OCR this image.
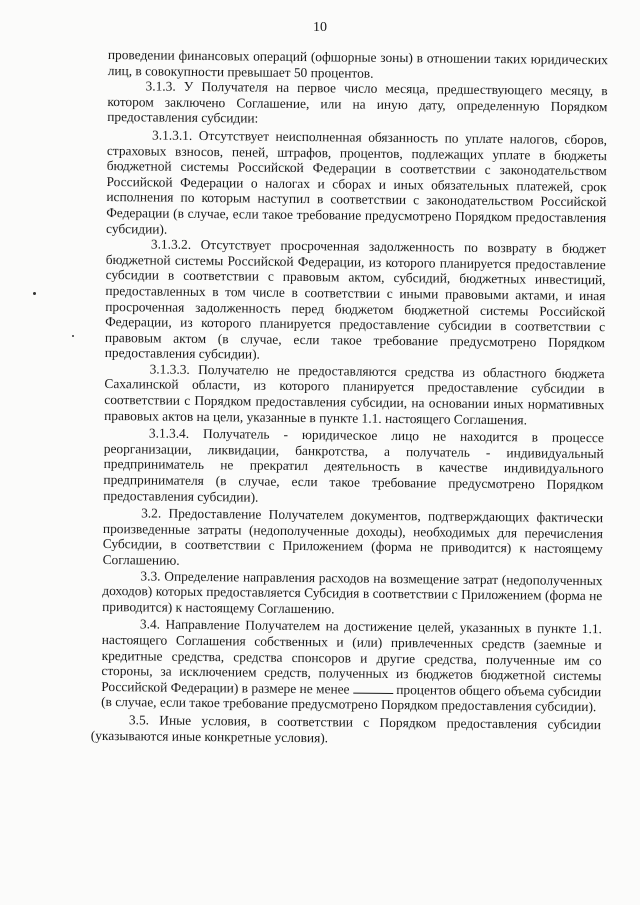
10

проведении финансовых операций (офшорные зоны) в отношении таких юридических лиц, в совокупности превышает 50 процентов.

3.1.3. У Получателя на первое число месяца, предшествующего месяцу, в котором заключено Соглашение, или на иную дату, определенную Порядком предоставления субсидии:

3.1.3.1. Отсутствует неисполненная обязанность по уплате налогов, сборов, страховых взносов, пеней, штрафов, процентов, подлежащих уплате в бюджеты бюджетной системы Российской Федерации в соответствии с законодательством Российской Федерации о налогах и сборах и иных обязательных платежей, срок исполнения по которым наступил в соответствии с законодательством Российской Федерации (в случае, если такое требование предусмотрено Порядком предоставления субсидии).

3.1.3.2. Отсутствует просроченная задолженность по возврату в бюджет бюджетной системы Российской Федерации, из которого планируется предоставление субсидии в соответствии с правовым актом, субсидий, бюджетных инвестиций, предоставленных в том числе в соответствии с иными правовыми актами, и иная просроченная задолженность перед бюджетом бюджетной системы Российской Федерации, из которого планируется предоставление субсидии в соответствии с правовым актом (в случае, если такое требование предусмотрено Порядком предоставления субсидии).

3.1.3.3. Получателю не предоставляются средства из областного бюджета Сахалинской области, из которого планируется предоставление субсидии в соответствии с Порядком предоставления субсидии, на основании иных нормативных правовых актов на цели, указанные в пункте 1.1. настоящего Соглашения.

3.1.3.4. Получатель - юридическое лицо не находится в процессе реорганизации, ликвидации, банкротства, а получатель - индивидуальный предприниматель не прекратил деятельность в качестве индивидуального предпринимателя (в случае, если такое требование предусмотрено Порядком предоставления субсидии).

3.2. Предоставление Получателем документов, подтверждающих фактически произведенные затраты (недополученные доходы), необходимых для перечисления Субсидии, в соответствии с Приложением (форма не приводится) к настоящему Соглашению.

3.3. Определение направления расходов на возмещение затрат (недополученных доходов) которых предоставляется Субсидия в соответствии с Приложением (форма не приводится) к настоящему Соглашению.

3.4. Направление Получателем на достижение целей, указанных в пункте 1.1. настоящего Соглашения собственных и (или) привлеченных средств (заемные и кредитные средства, средства спонсоров и другие средства, полученные им со стороны, за исключением средств, полученных из бюджетов бюджетной системы Российской Федерации) в размере не менее	процентов общего объема субсидии (в случае, если такое требование предусмотрено Порядком предоставления субсидии).

3.5. Иные условия, в соответствии с Порядком предоставления субсидии (указываются иные конкретные условия).
